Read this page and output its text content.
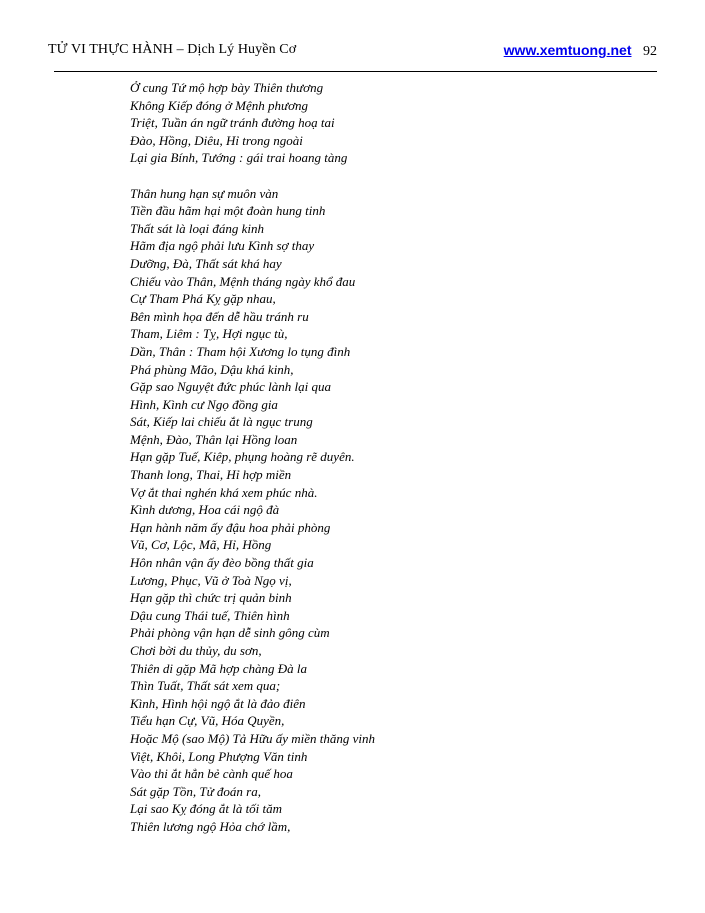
TỬ VI THỰC HÀNH – Dịch Lý Huyền Cơ	www.xemtuong.net 92
Ở cung Tứ mộ hợp bày Thiên thương
Không Kiếp đóng ở Mệnh phương
Triệt, Tuần án ngữ tránh đường hoạ tai
Đào, Hồng, Diêu, Hỉ trong ngoài
Lại gia Bính, Tướng : gái trai hoang tàng
Thân hung hạn sự muôn vàn
Tiền đầu hãm hại một đoàn hung tinh
Thất sát là loại đáng kinh
Hãm địa ngộ phải lưu Kình sợ thay
Dưỡng, Đà, Thất sát khá hay
Chiếu vào Thân, Mệnh tháng ngày khổ đau
Cự Tham Phá Kỵ gặp nhau,
Bên mình họa đến dễ hầu tránh ru
Tham, Liêm : Tỵ, Hợi ngục tù,
Dần, Thân : Tham hội Xương lo tụng đình
Phá phùng Mão, Dậu khá kinh,
Gặp sao Nguyệt đức phúc lành lại qua
Hình, Kình cư Ngọ đồng gia
Sát, Kiếp lai chiếu ắt là ngục trung
Mệnh, Đào, Thân lại Hồng loan
Hạn gặp Tuế, Kiêp, phụng hoàng rẽ duyên.
Thanh long, Thai, Hỉ hợp miền
Vợ ắt thai nghén khá xem phúc nhà.
Kình dương, Hoa cái ngộ đà
Hạn hành năm ấy đậu hoa phải phòng
Vũ, Cơ, Lộc, Mã, Hỉ, Hồng
Hôn nhân vận ấy đèo bồng thất gia
Lương, Phục, Vũ ở Toà Ngọ vị,
Hạn gặp thì chức trị quản binh
Dậu cung Thái tuế, Thiên hình
Phải phòng vận hạn dễ sinh gông cùm
Chơi bời du thủy, du sơn,
Thiên di gặp Mã hợp chàng Đà la
Thìn Tuất, Thất sát xem qua;
Kình, Hình hội ngộ ắt là đảo điên
Tiểu hạn Cự, Vũ, Hóa Quyền,
Hoặc Mộ (sao Mộ) Tả Hữu ấy miền thăng vinh
Việt, Khôi, Long Phượng Văn tinh
Vào thi ắt hẳn bẻ cành quế hoa
Sát gặp Tồn, Tử đoán ra,
Lại sao Kỵ đóng ắt là tối tăm
Thiên lương ngộ Hỏa chớ lầm,
